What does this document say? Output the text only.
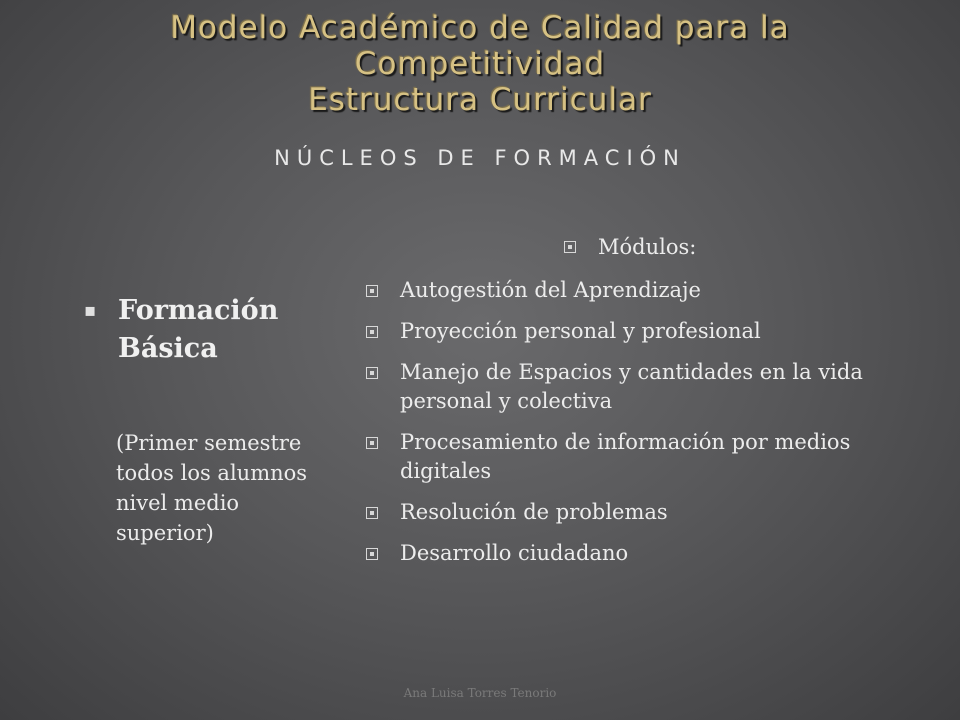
Modelo Académico de Calidad para la
Competitividad
Estructura Curricular
NÚCLEOS DE FORMACIÓN
▪ Formación Básica
(Primer semestre todos los alumnos nivel medio superior)
Módulos:
Autogestión del Aprendizaje
Proyección personal y profesional
Manejo de Espacios y cantidades en la vida personal y colectiva
Procesamiento de información por medios digitales
Resolución de problemas
Desarrollo ciudadano
Ana Luisa Torres Tenorio
